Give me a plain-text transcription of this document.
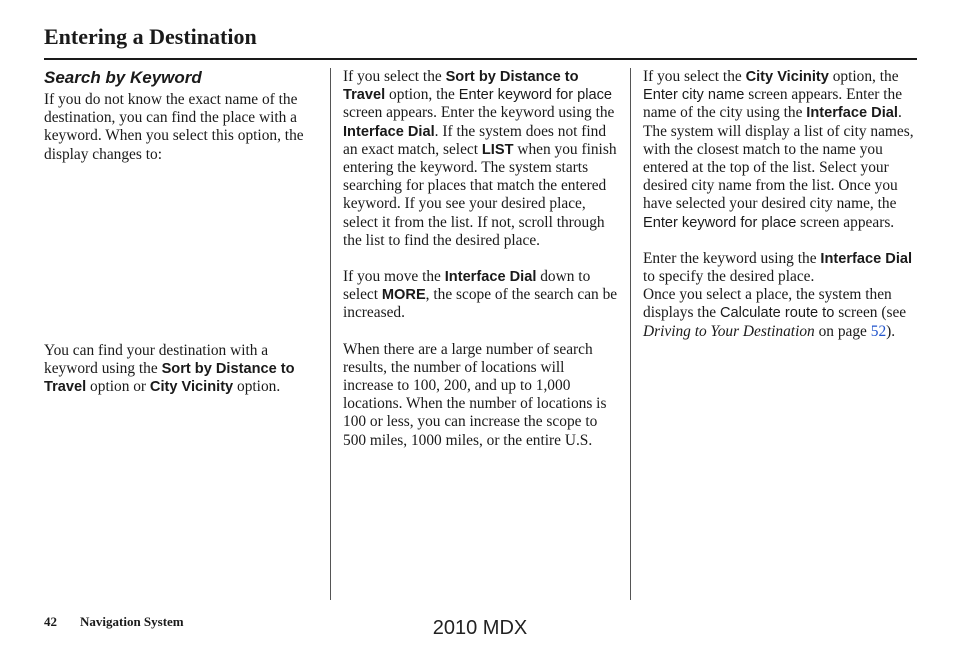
Entering a Destination
Search by Keyword

If you do not know the exact name of the destination, you can find the place with a keyword. When you select this option, the display changes to:

You can find your destination with a keyword using the Sort by Distance to Travel option or City Vicinity option.

If you select the Sort by Distance to Travel option, the Enter keyword for place screen appears. Enter the keyword using the Interface Dial. If the system does not find an exact match, select LIST when you finish entering the keyword. The system starts searching for places that match the entered keyword. If you see your desired place, select it from the list. If not, scroll through the list to find the desired place.

If you move the Interface Dial down to select MORE, the scope of the search can be increased.

When there are a large number of search results, the number of locations will increase to 100, 200, and up to 1,000 locations. When the number of locations is 100 or less, you can increase the scope to 500 miles, 1000 miles, or the entire U.S.

If you select the City Vicinity option, the Enter city name screen appears. Enter the name of the city using the Interface Dial. The system will display a list of city names, with the closest match to the name you entered at the top of the list. Select your desired city name from the list. Once you have selected your desired city name, the Enter keyword for place screen appears.

Enter the keyword using the Interface Dial to specify the desired place.

Once you select a place, the system then displays the Calculate route to screen (see Driving to Your Destination on page 52).

42 Navigation System	2010 MDX
